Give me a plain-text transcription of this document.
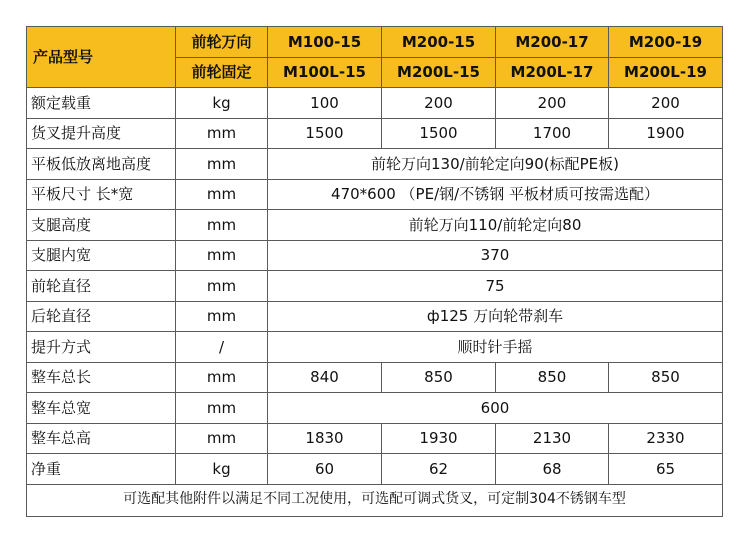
产品型号	前轮万向	M100-15	M200-15	M200-17	M200-19
	前轮固定	M100L-15	M200L-15	M200L-17	M200L-19
额定载重	kg	100	200	200	200
货叉提升高度	mm	1500	1500	1700	1900
平板低放离地高度	mm	前轮万向130/前轮定向90(标配PE板)			
平板尺寸 长*宽	mm	470*600 （PE/钢/不锈钢 平板材质可按需选配）			
支腿高度	mm	前轮万向110/前轮定向80			
支腿内宽	mm	370			
前轮直径	mm	75			
后轮直径	mm	ф125 万向轮带刹车			
提升方式	/	顺时针手摇			
整车总长	mm	840	850	850	850
整车总宽	mm	600			
整车总高	mm	1830	1930	2130	2330
净重	kg	60	62	68	65
可选配其他附件以满足不同工况使用，可选配可调式货叉，可定制304不锈钢车型					
